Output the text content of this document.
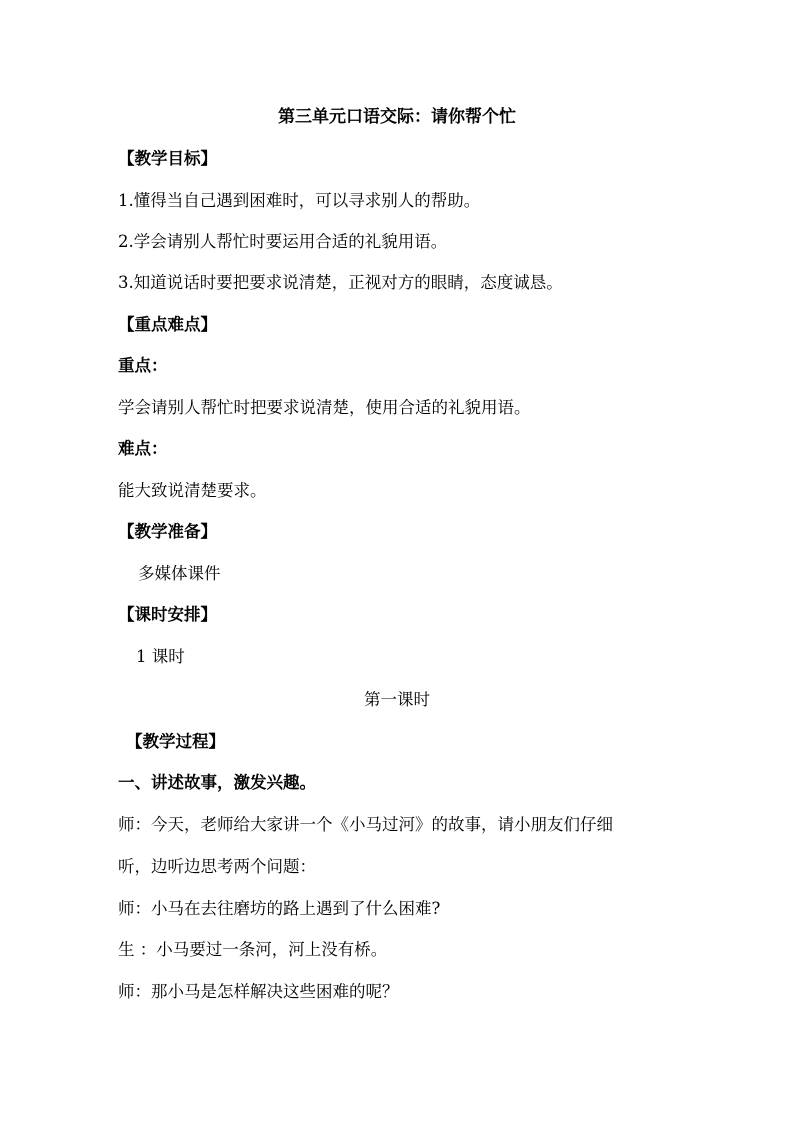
第三单元口语交际：请你帮个忙
【教学目标】
1.懂得当自己遇到困难时，可以寻求别人的帮助。
2.学会请别人帮忙时要运用合适的礼貌用语。
3.知道说话时要把要求说清楚，正视对方的眼睛，态度诚恳。
【重点难点】
重点：
学会请别人帮忙时把要求说清楚，使用合适的礼貌用语。
难点：
能大致说清楚要求。
【教学准备】
多媒体课件
【课时安排】
1 课时
第一课时
【教学过程】
一、讲述故事，激发兴趣。
师：今天，老师给大家讲一个《小马过河》的故事，请小朋友们仔细
听，边听边思考两个问题：
师：小马在去往磨坊的路上遇到了什么困难?
生 ：小马要过一条河，河上没有桥。
师：那小马是怎样解决这些困难的呢？
